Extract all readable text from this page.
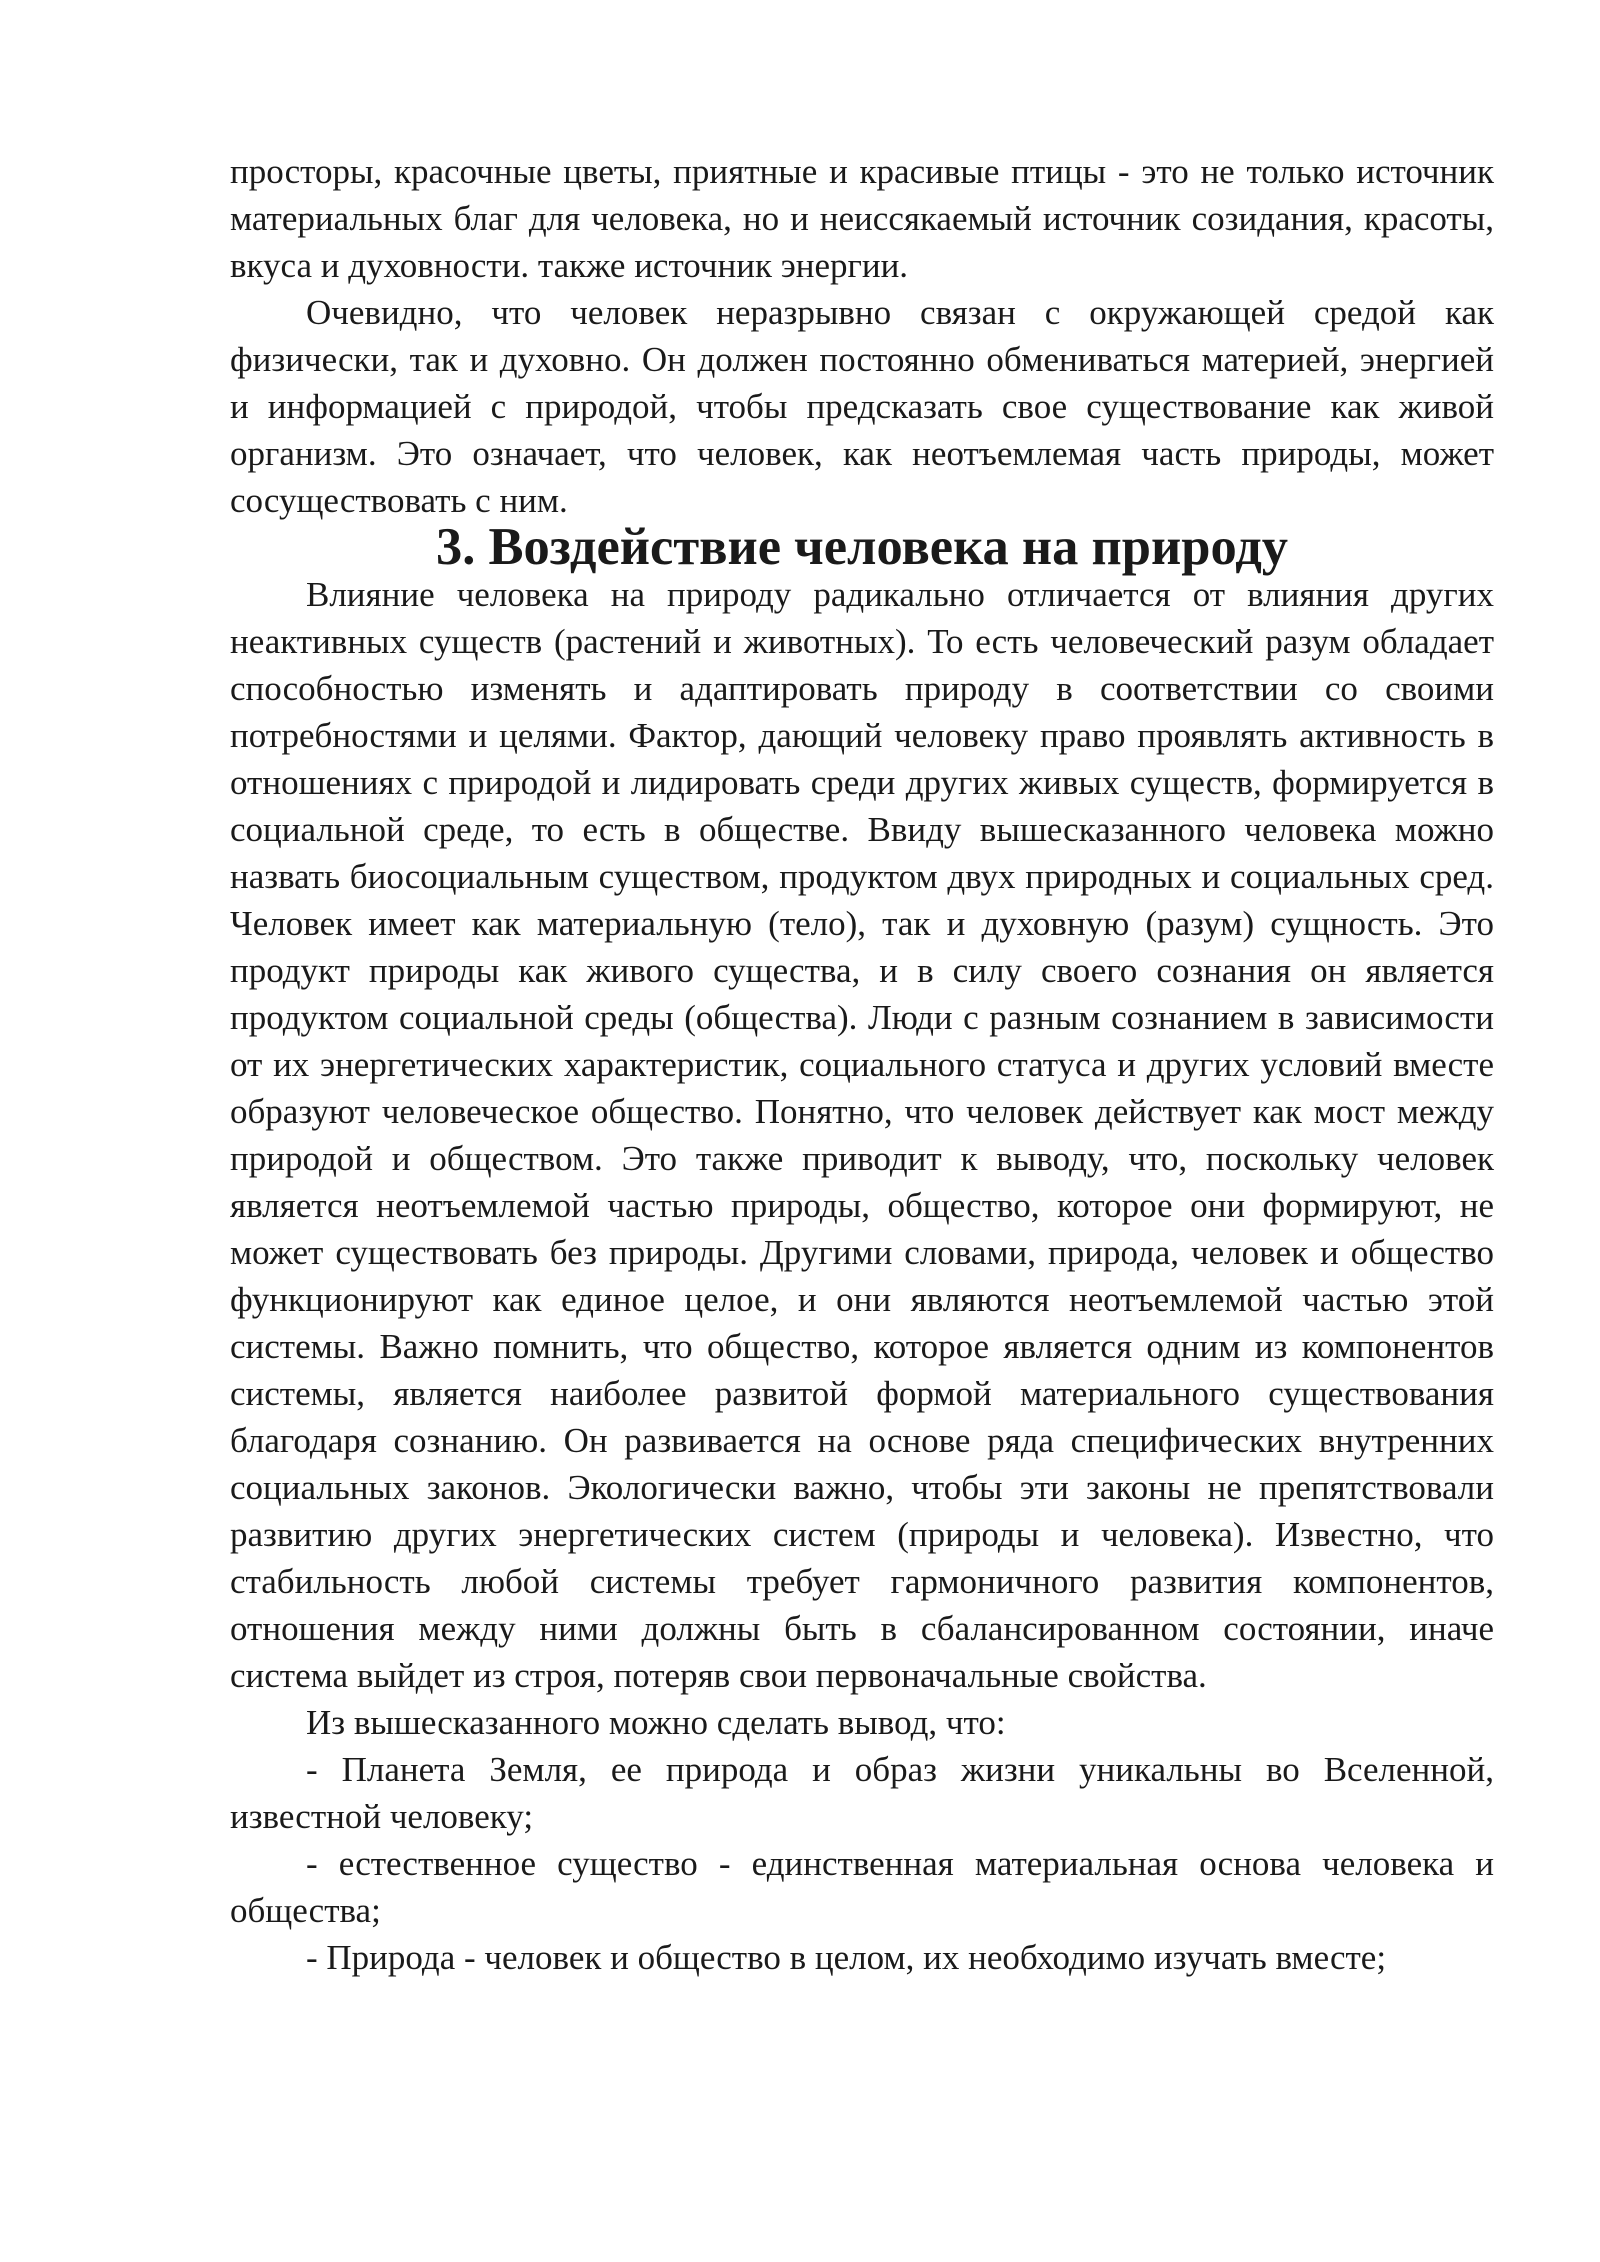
просторы, красочные цветы, приятные и красивые птицы - это не только источник материальных благ для человека, но и неиссякаемый источник созидания, красоты, вкуса и духовности. также источник энергии.

Очевидно, что человек неразрывно связан с окружающей средой как физически, так и духовно. Он должен постоянно обмениваться материей, энергией и информацией с природой, чтобы предсказать свое существование как живой организм. Это означает, что человек, как неотъемлемая часть природы, может сосуществовать с ним.

3. Воздействие человека на природу

Влияние человека на природу радикально отличается от влияния других неактивных существ (растений и животных). То есть человеческий разум обладает способностью изменять и адаптировать природу в соответствии со своими потребностями и целями. Фактор, дающий человеку право проявлять активность в отношениях с природой и лидировать среди других живых существ, формируется в социальной среде, то есть в обществе. Ввиду вышесказанного человека можно назвать биосоциальным существом, продуктом двух природных и социальных сред. Человек имеет как материальную (тело), так и духовную (разум) сущность. Это продукт природы как живого существа, и в силу своего сознания он является продуктом социальной среды (общества). Люди с разным сознанием в зависимости от их энергетических характеристик, социального статуса и других условий вместе образуют человеческое общество. Понятно, что человек действует как мост между природой и обществом. Это также приводит к выводу, что, поскольку человек является неотъемлемой частью природы, общество, которое они формируют, не может существовать без природы. Другими словами, природа, человек и общество функционируют как единое целое, и они являются неотъемлемой частью этой системы. Важно помнить, что общество, которое является одним из компонентов системы, является наиболее развитой формой материального существования благодаря сознанию. Он развивается на основе ряда специфических внутренних социальных законов. Экологически важно, чтобы эти законы не препятствовали развитию других энергетических систем (природы и человека). Известно, что стабильность любой системы требует гармоничного развития компонентов, отношения между ними должны быть в сбалансированном состоянии, иначе система выйдет из строя, потеряв свои первоначальные свойства.

Из вышесказанного можно сделать вывод, что:

- Планета Земля, ее природа и образ жизни уникальны во Вселенной, известной человеку;

- естественное существо - единственная материальная основа человека и общества;

- Природа - человек и общество в целом, их необходимо изучать вместе;
